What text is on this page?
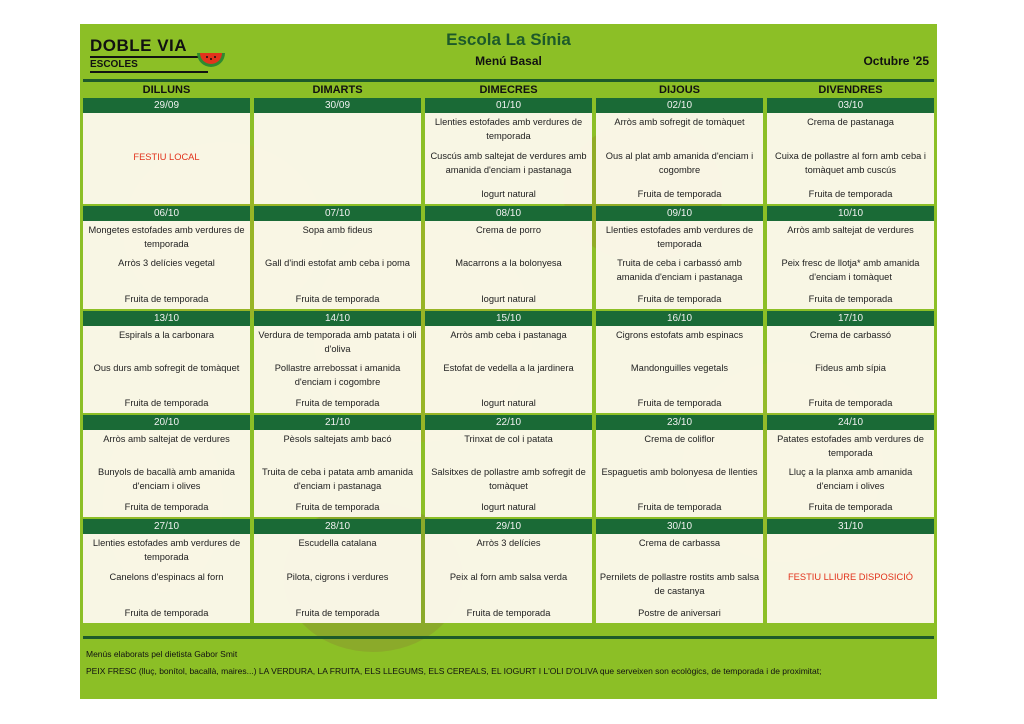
DOBLE VIA
ESCOLES
Escola La Sínia
Menú Basal	Octubre '25
DILLUNS	DIMARTS	DIMECRES	DIJOUS	DIVENDRES
29/09
FESTIU LOCAL
30/09	01/10
Llenties estofades amb verdures de temporada
Cuscús amb saltejat de verdures amb amanida d'enciam i pastanaga
Iogurt natural
02/10
Arròs amb sofregit de tomàquet
Ous al plat amb amanida d'enciam i cogombre
Fruita de temporada
03/10
Crema de pastanaga
Cuixa de pollastre al forn amb ceba i tomàquet amb cuscús
Fruita de temporada
06/10
Mongetes estofades amb verdures de temporada
Arròs 3 delícies vegetal
Fruita de temporada
07/10
Sopa amb fideus
Gall d'indi estofat amb ceba i poma
Fruita de temporada
08/10
Crema de porro
Macarrons a la bolonyesa
Iogurt natural
09/10
Llenties estofades amb verdures de temporada
Truita de ceba i carbassó amb amanida d'enciam i pastanaga
Fruita de temporada
10/10
Arròs amb saltejat de verdures
Peix fresc de llotja* amb amanida d'enciam i tomàquet
Fruita de temporada
13/10
Espirals a la carbonara
Ous durs amb sofregit de tomàquet
Fruita de temporada
14/10
Verdura de temporada amb patata i oli d'oliva
Pollastre arrebossat i amanida d'enciam i cogombre
Fruita de temporada
15/10
Arròs amb ceba i pastanaga
Estofat de vedella a la jardinera
Iogurt natural
16/10
Cigrons estofats amb espinacs
Mandonguilles vegetals
Fruita de temporada
17/10
Crema de carbassó
Fideus amb sípia
Fruita de temporada
20/10
Arròs amb saltejat de verdures
Bunyols de bacallà amb amanida d'enciam i olives
Fruita de temporada
21/10
Pèsols saltejats amb bacó
Truita de ceba i patata amb amanida d'enciam i pastanaga
Fruita de temporada
22/10
Trinxat de col i patata
Salsitxes de pollastre amb sofregit de tomàquet
Iogurt natural
23/10
Crema de coliflor
Espaguetis amb bolonyesa de llenties
Fruita de temporada
24/10
Patates estofades amb verdures de temporada
Lluç a la planxa amb amanida d'enciam i olives
Fruita de temporada
27/10
Llenties estofades amb verdures de temporada
Canelons d'espinacs al forn
Fruita de temporada
28/10
Escudella catalana
Pilota, cigrons i verdures
Fruita de temporada
29/10
Arròs 3 delícies
Peix al forn amb salsa verda
Fruita de temporada
30/10
Crema de carbassa
Pernilets de pollastre rostits amb salsa de castanya
Postre de aniversari
31/10
FESTIU LLIURE DISPOSICIÓ
Menús elaborats pel dietista Gabor Smit
PEIX FRESC (lluç, bonítol, bacallà, maires...) LA VERDURA, LA FRUITA, ELS LLEGUMS, ELS CEREALS, EL IOGURT I L'OLI D'OLIVA que serveixen son ecològics, de temporada i de proximitat;
